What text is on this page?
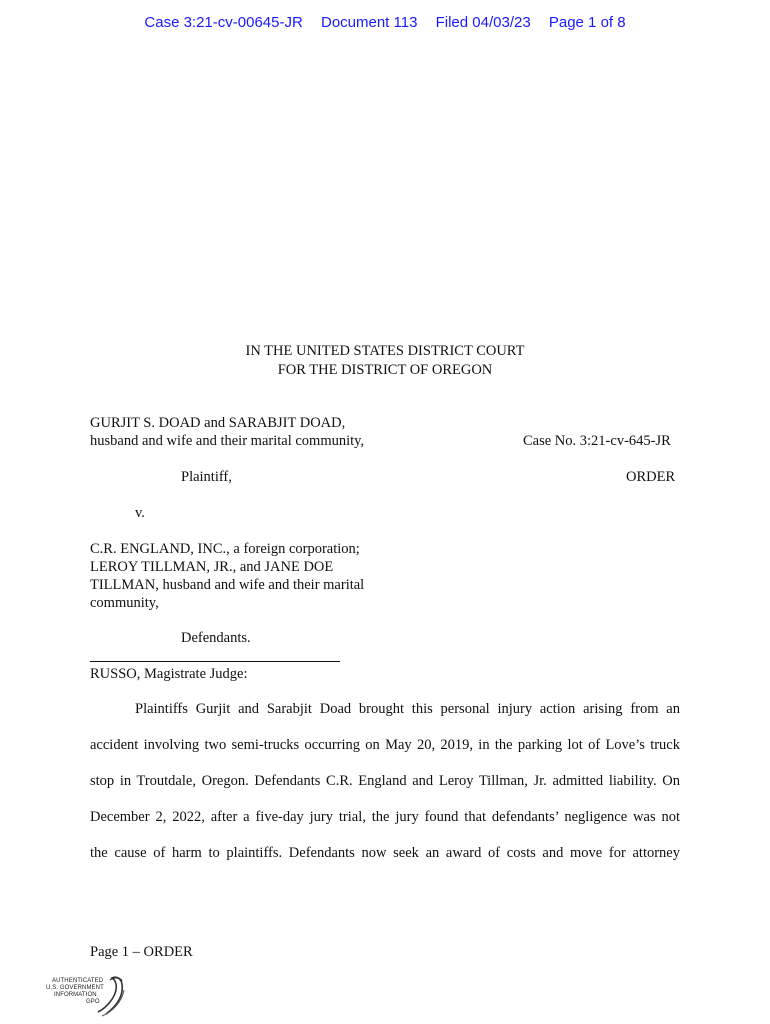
Case 3:21-cv-00645-JR Document 113 Filed 04/03/23 Page 1 of 8
IN THE UNITED STATES DISTRICT COURT
FOR THE DISTRICT OF OREGON
GURJIT S. DOAD and SARABJIT DOAD,
husband and wife and their marital community,	Case No. 3:21-cv-645-JR
Plaintiff,	ORDER
v.
C.R. ENGLAND, INC., a foreign corporation;
LEROY TILLMAN, JR., and JANE DOE
TILLMAN, husband and wife and their marital
community,
Defendants.
RUSSO, Magistrate Judge:
Plaintiffs Gurjit and Sarabjit Doad brought this personal injury action arising from an
accident involving two semi-trucks occurring on May 20, 2019, in the parking lot of Love’s truck
stop in Troutdale, Oregon. Defendants C.R. England and Leroy Tillman, Jr. admitted liability. On
December 2, 2022, after a five-day jury trial, the jury found that defendants’ negligence was not
the cause of harm to plaintiffs. Defendants now seek an award of costs and move for attorney
Page 1 – ORDER
AUTHENTICATED
U.S. GOVERNMENT
INFORMATION
GPO
